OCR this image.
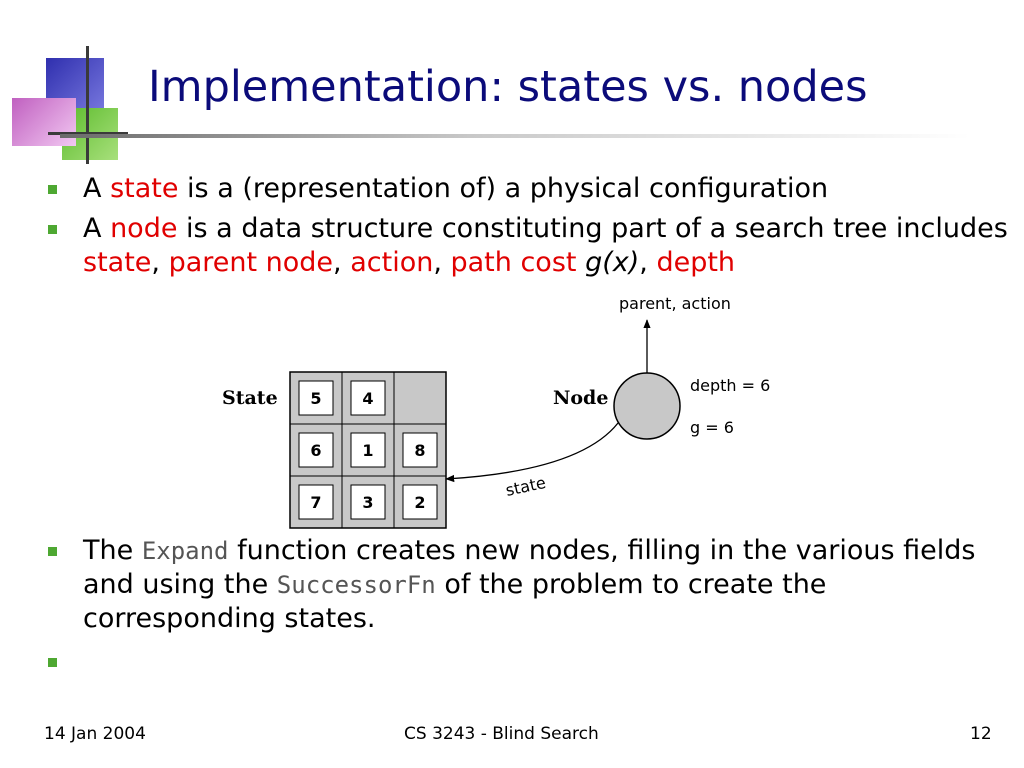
Implementation: states vs. nodes
A state is a (representation of) a physical configuration
A node is a data structure constituting part of a search tree includes state, parent node, action, path cost g(x), depth
State 5	4
6	1	8
7	3	2
Node
parent, action
depth = 6
g = 6
state
The Expand function creates new nodes, filling in the various fields and using the SuccessorFn of the problem to create the corresponding states.
14 Jan 2004	CS 3243 - Blind Search	12
